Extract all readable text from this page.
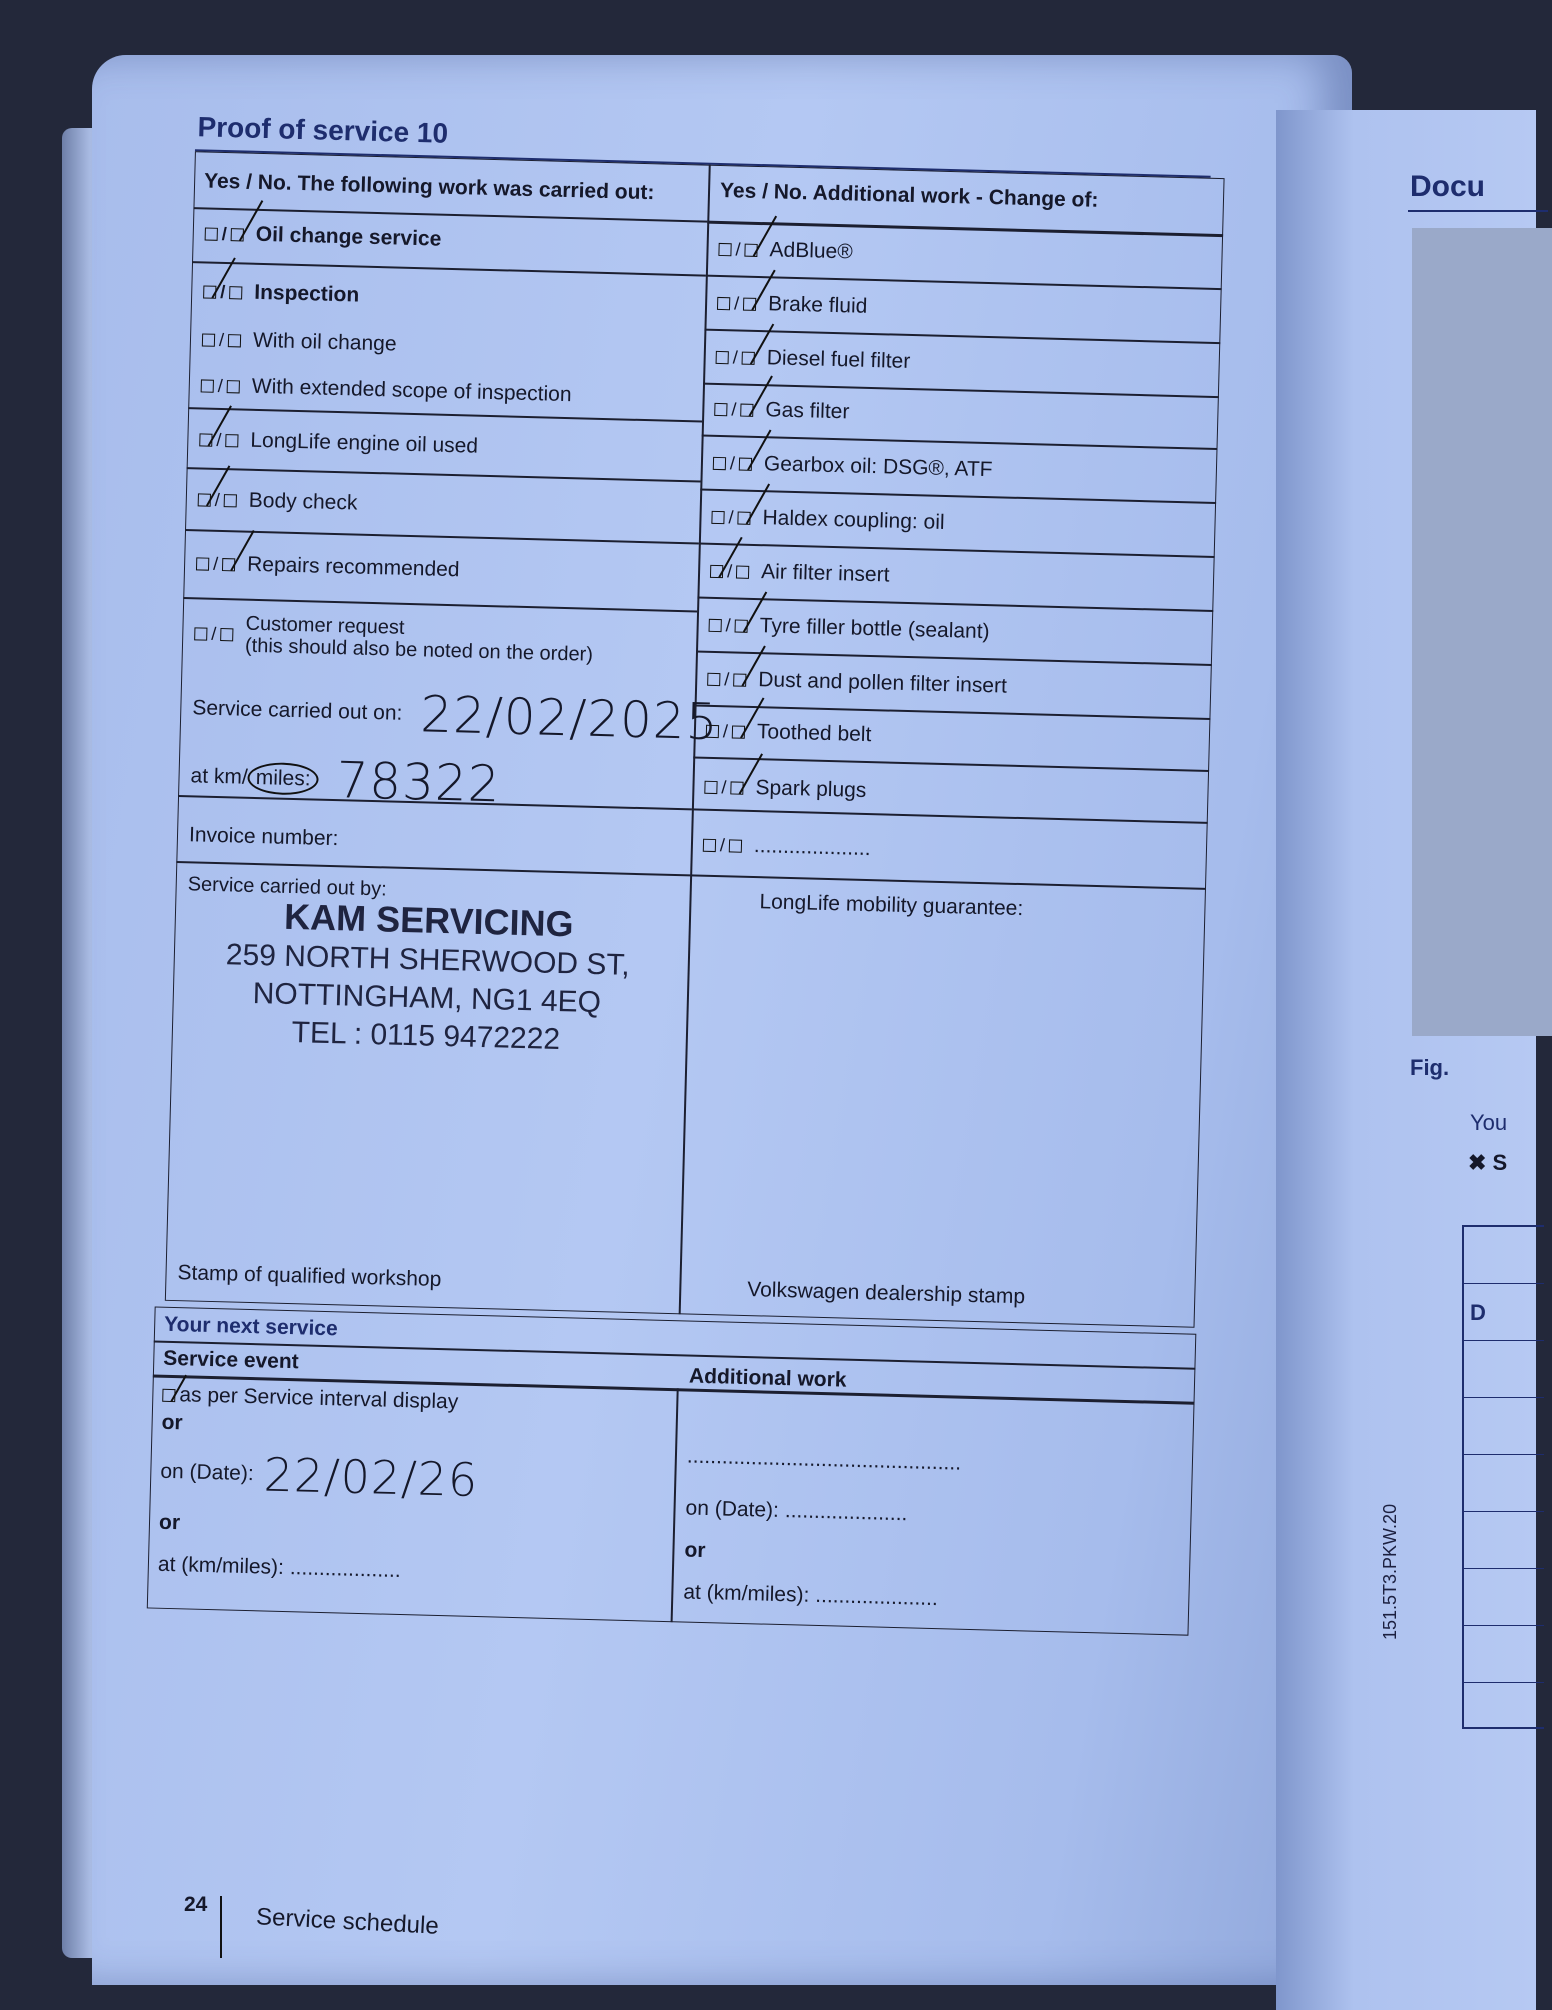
Docu
Fig.
You
✖ S
D
151.5T3.PKW.20
Proof of service 10
Yes / No. The following work was carried out:	Yes / No. Additional work - Change of:
/ Oil change service
/ Inspection
/ With oil change
/ With extended scope of inspection
/ LongLife engine oil used
/ Body check
/ Repairs recommended
/ Customer request
(this should also be noted on the order)
Service carried out on: 22/02/2025
at km/ miles: 78322
Invoice number:
Service carried out by:
KAM SERVICING
259 NORTH SHERWOOD ST,
NOTTINGHAM, NG1 4EQ
TEL : 0115 9472222
Stamp of qualified workshop
/ AdBlue®
/ Brake fluid
/ Diesel fuel filter
/ Gas filter
/ Gearbox oil: DSG®, ATF
/ Haldex coupling: oil
/ Air filter insert
/ Tyre filler bottle (sealant)
/ Dust and pollen filter insert
/ Toothed belt
/ Spark plugs
/ ....................
LongLife mobility guarantee:
Volkswagen dealership stamp
Your next service
Service event
Additional work
as per Service interval display
or
on (Date): 22/02/26
or
at (km/miles): ...................
...............................................
on (Date): .....................
or
at (km/miles): .....................
24 Service schedule
